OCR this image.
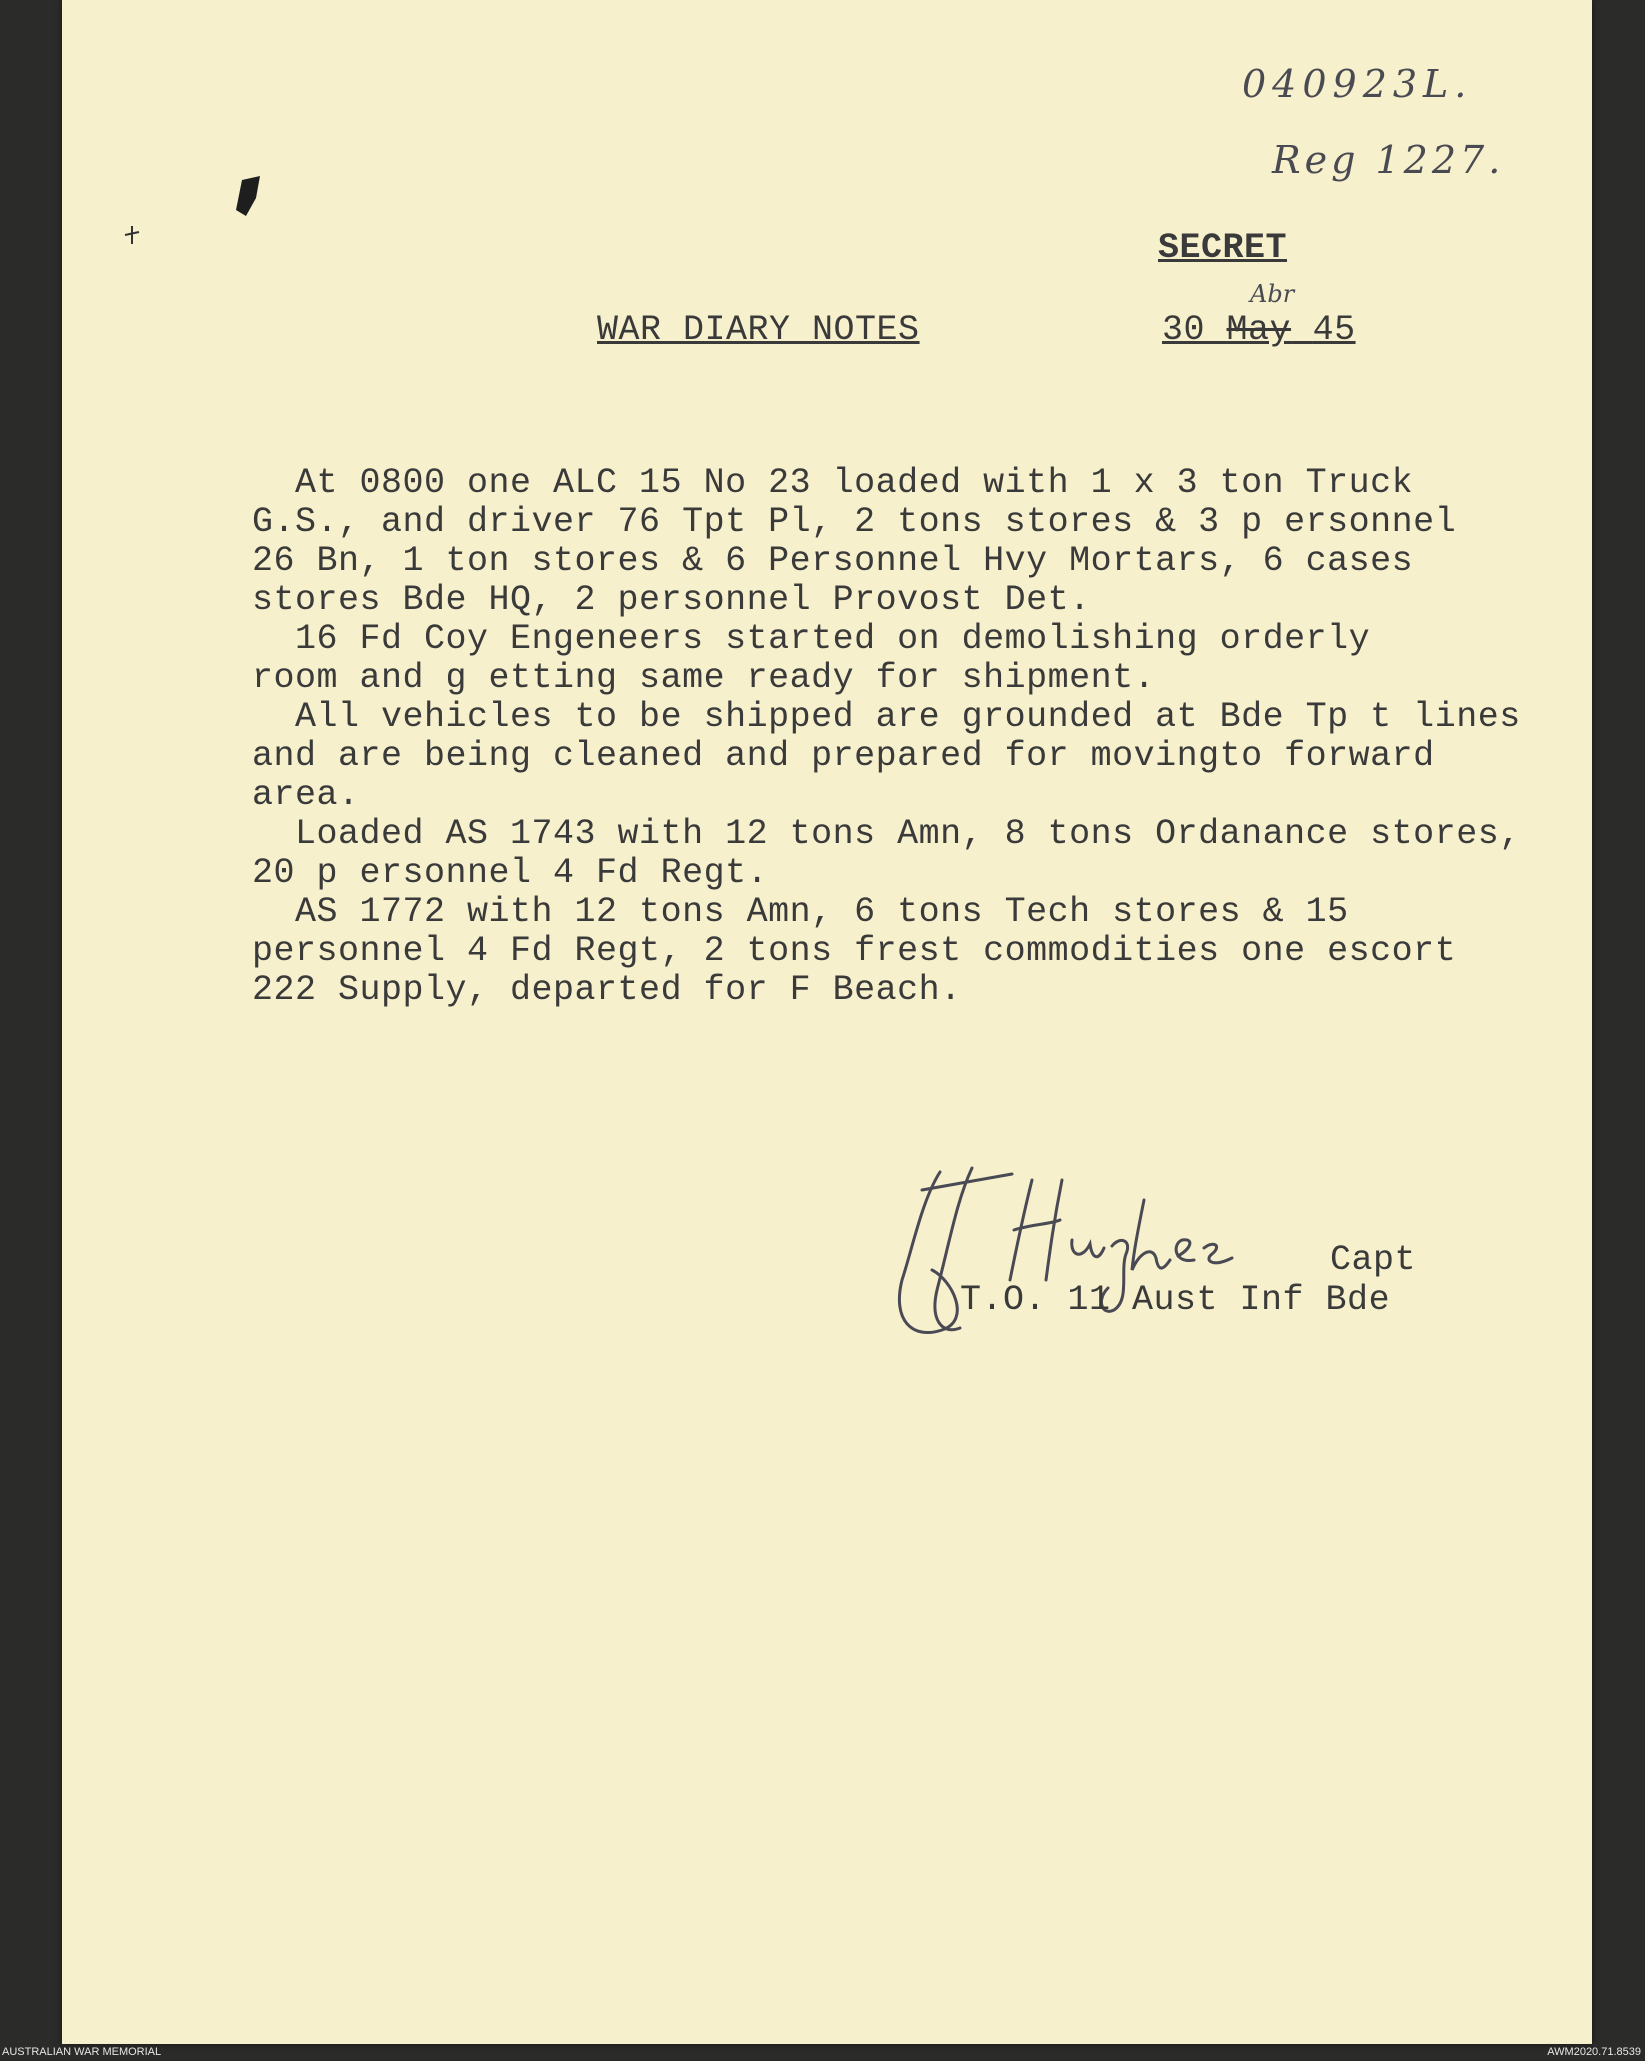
040923L.
Reg 1227.
SECRET
WAR DIARY NOTES
Abr
30 May 45
At 0800 one ALC 15 No 23 loaded with 1 x 3 ton Truck
G.S., and driver 76 Tpt Pl, 2 tons stores & 3 p ersonnel
26 Bn, 1 ton stores & 6 Personnel Hvy Mortars, 6 cases
stores Bde HQ, 2 personnel Provost Det.
16 Fd Coy Engeneers started on demolishing orderly
room and g etting same ready for shipment.
All vehicles to be shipped are grounded at Bde Tp t lines
and are being cleaned and prepared for movingto forward
area.
Loaded AS 1743 with 12 tons Amn, 8 tons Ordanance stores,
20 p ersonnel 4 Fd Regt.
AS 1772 with 12 tons Amn, 6 tons Tech stores & 15
personnel 4 Fd Regt, 2 tons frest commodities one escort
222 Supply, departed for F Beach.
Capt
T.O. 11 Aust Inf Bde
AUSTRALIAN WAR MEMORIAL	AWM2020.71.8539
